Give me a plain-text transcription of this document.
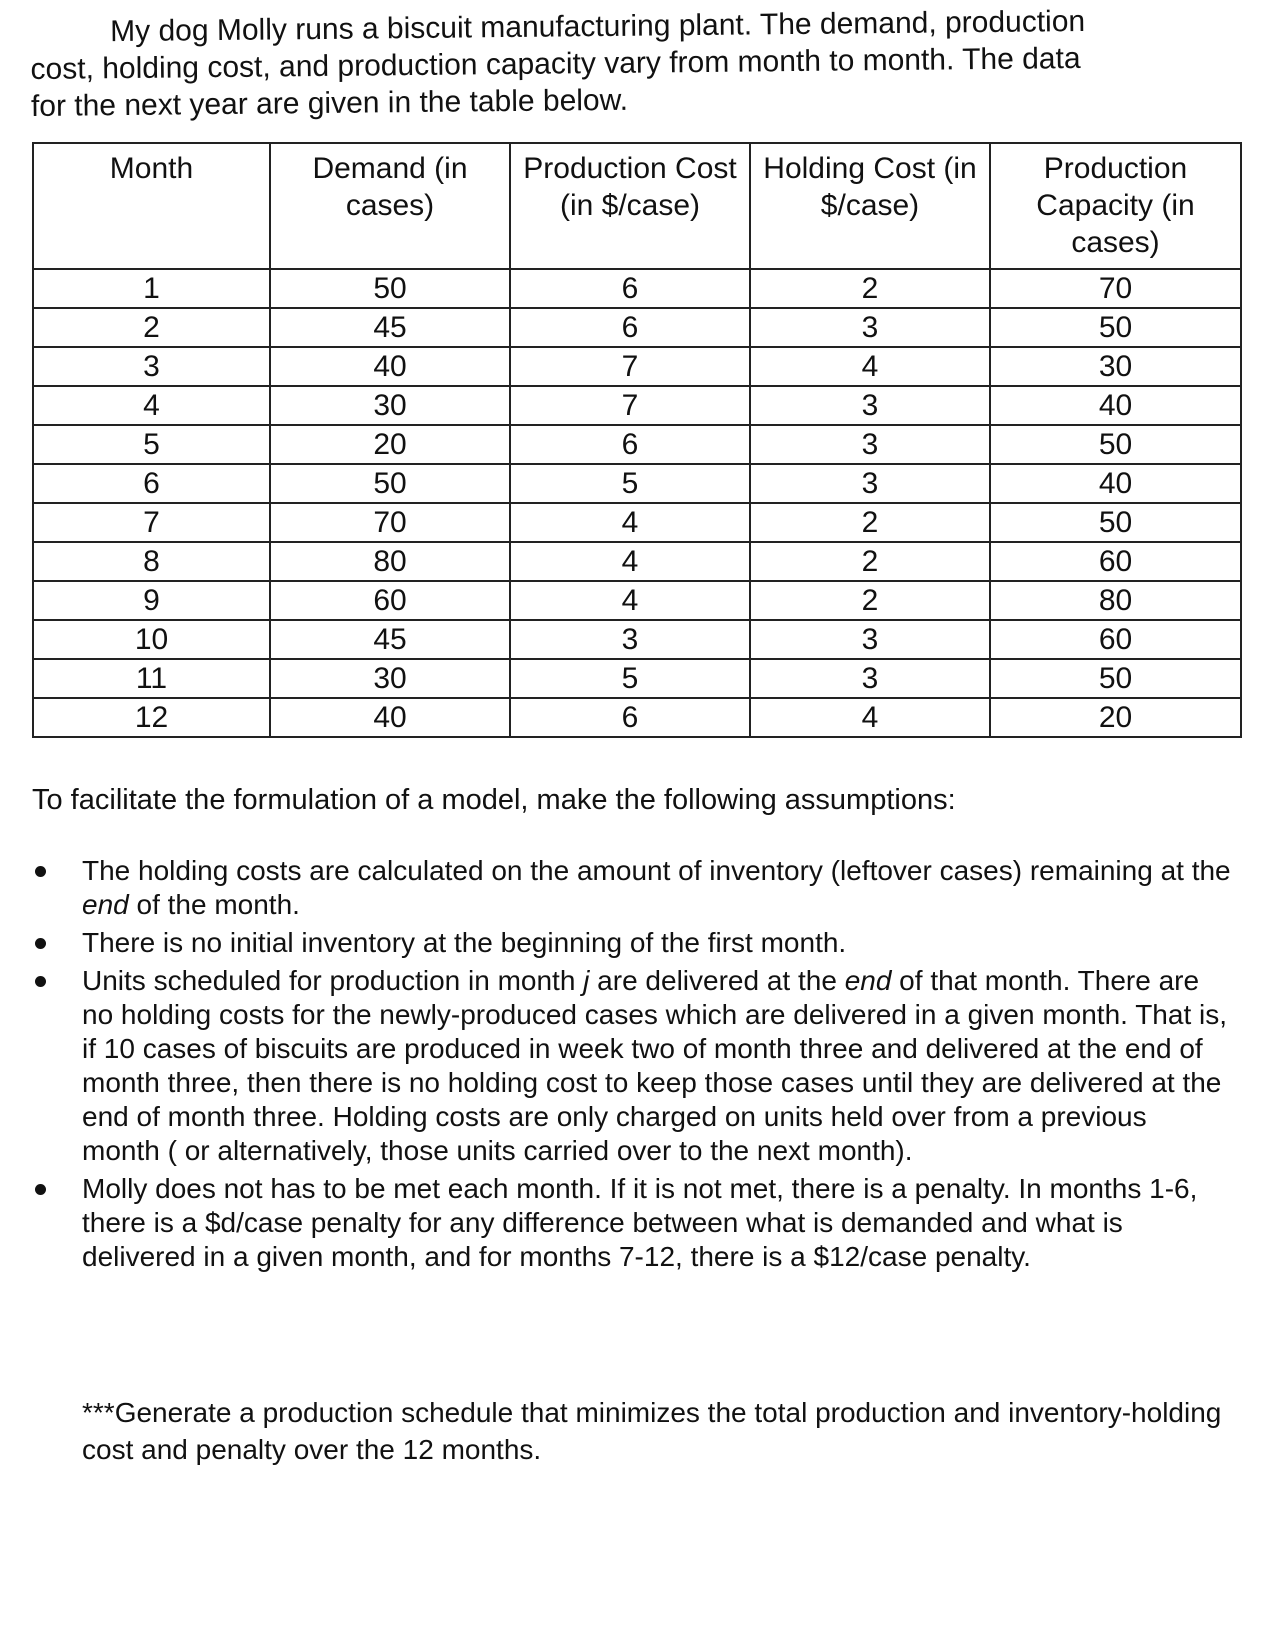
My dog Molly runs a biscuit manufacturing plant. The demand, production
cost, holding cost, and production capacity vary from month to month. The data
for the next year are given in the table below.

Month	Demand (in cases)	Production Cost (in $/case)	Holding Cost (in $/case)	Production Capacity (in cases)
1	50	6	2	70
2	45	6	3	50
3	40	7	4	30
4	30	7	3	40
5	20	6	3	50
6	50	5	3	40
7	70	4	2	50
8	80	4	2	60
9	60	4	2	80
10	45	3	3	60
11	30	5	3	50
12	40	6	4	20

To facilitate the formulation of a model, make the following assumptions:

The holding costs are calculated on the amount of inventory (leftover cases) remaining at the end of the month.
There is no initial inventory at the beginning of the first month.
Units scheduled for production in month j are delivered at the end of that month. There are no holding costs for the newly-produced cases which are delivered in a given month. That is, if 10 cases of biscuits are produced in week two of month three and delivered at the end of month three, then there is no holding cost to keep those cases until they are delivered at the end of month three. Holding costs are only charged on units held over from a previous month ( or alternatively, those units carried over to the next month).
Molly does not has to be met each month. If it is not met, there is a penalty. In months 1-6, there is a $d/case penalty for any difference between what is demanded and what is delivered in a given month, and for months 7-12, there is a $12/case penalty.

***Generate a production schedule that minimizes the total production and inventory-holding cost and penalty over the 12 months.
